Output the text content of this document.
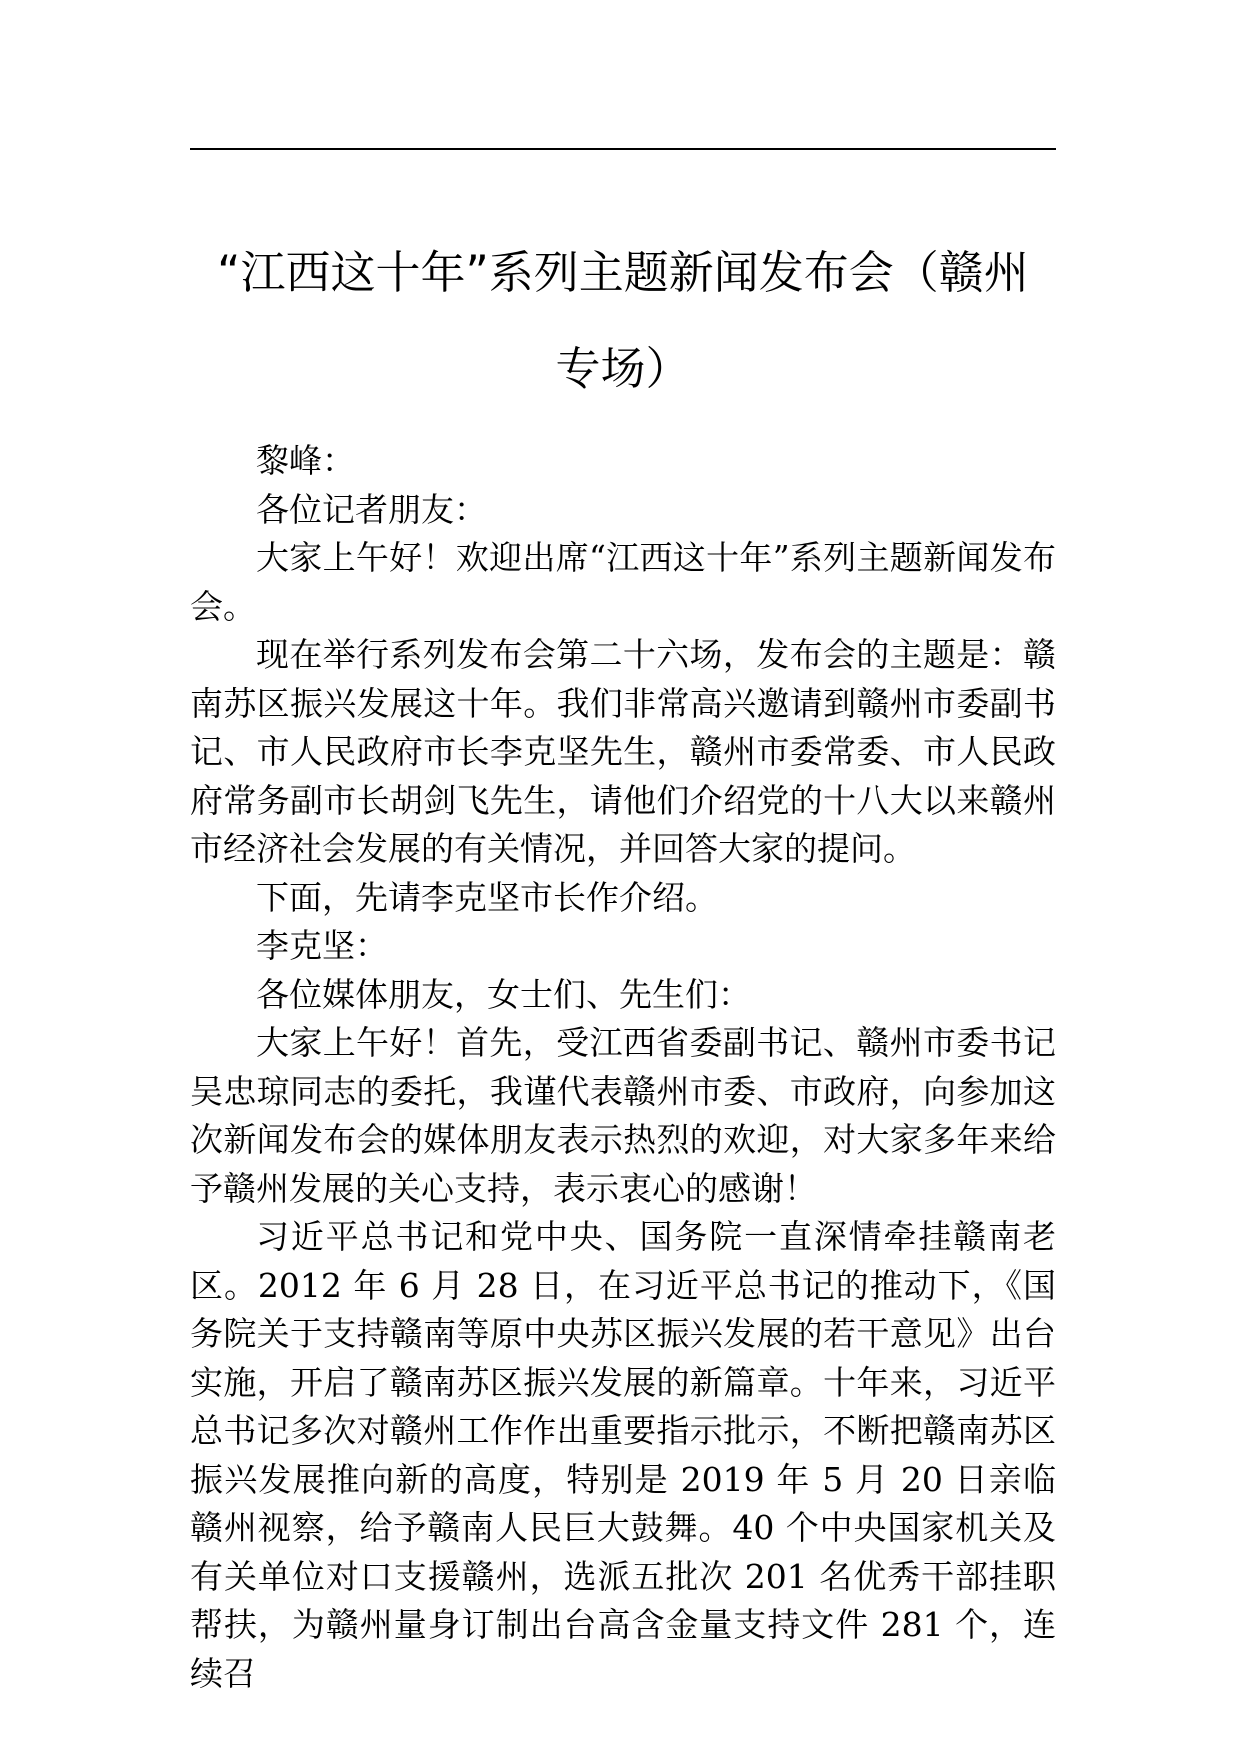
“江西这十年”系列主题新闻发布会（赣州
专场）

黎峰：

各位记者朋友：

大家上午好！欢迎出席“江西这十年”系列主题新闻发布会。

现在举行系列发布会第二十六场，发布会的主题是：赣南苏区振兴发展这十年。我们非常高兴邀请到赣州市委副书记、市人民政府市长李克坚先生，赣州市委常委、市人民政府常务副市长胡剑飞先生，请他们介绍党的十八大以来赣州市经济社会发展的有关情况，并回答大家的提问。

下面，先请李克坚市长作介绍。

李克坚：

各位媒体朋友，女士们、先生们：

大家上午好！首先，受江西省委副书记、赣州市委书记吴忠琼同志的委托，我谨代表赣州市委、市政府，向参加这次新闻发布会的媒体朋友表示热烈的欢迎，对大家多年来给予赣州发展的关心支持，表示衷心的感谢！

习近平总书记和党中央、国务院一直深情牵挂赣南老区。2012 年 6 月 28 日，在习近平总书记的推动下，《国务院关于支持赣南等原中央苏区振兴发展的若干意见》出台实施，开启了赣南苏区振兴发展的新篇章。十年来，习近平总书记多次对赣州工作作出重要指示批示，不断把赣南苏区振兴发展推向新的高度，特别是 2019 年 5 月 20 日亲临赣州视察，给予赣南人民巨大鼓舞。40 个中央国家机关及有关单位对口支援赣州，选派五批次 201 名优秀干部挂职帮扶，为赣州量身订制出台高含金量支持文件 281 个，连续召
